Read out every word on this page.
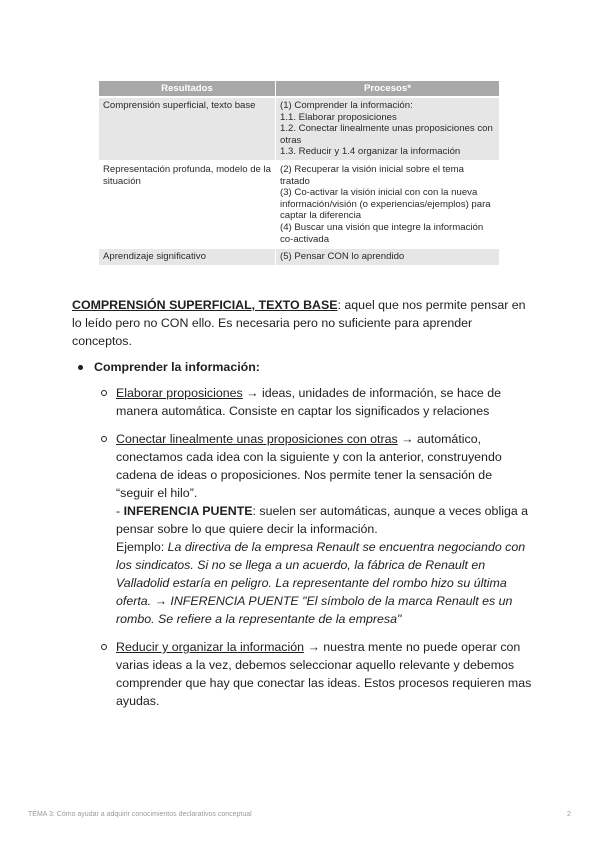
Resultados	Procesos*
Comprensión superficial, texto base	(1) Comprender la información:
1.1. Elaborar proposiciones
1.2. Conectar linealmente unas proposiciones con otras
1.3. Reducir y 1.4 organizar la información

Representación profunda, modelo de la situación	(2) Recuperar la visión inicial sobre el tema tratado
(3) Co-activar la visión inicial con con la nueva información/visión (o experiencias/ejemplos) para captar la diferencia
(4) Buscar una visión que integre la información co-activada

Aprendizaje significativo	(5) Pensar CON lo aprendido

COMPRENSIÓN SUPERFICIAL, TEXTO BASE: aquel que nos permite pensar en lo leído pero no CON ello. Es necesaria pero no suficiente para aprender conceptos.

Comprender la información:
Elaborar proposiciones → ideas, unidades de información, se hace de manera automática. Consiste en captar los significados y relaciones
Conectar linealmente unas proposiciones con otras → automático, conectamos cada idea con la siguiente y con la anterior, construyendo cadena de ideas o proposiciones. Nos permite tener la sensación de “seguir el hilo”.
- INFERENCIA PUENTE: suelen ser automáticas, aunque a veces obliga a pensar sobre lo que quiere decir la información.

Ejemplo: La directiva de la empresa Renault se encuentra negociando con los sindicatos. Si no se llega a un acuerdo, la fábrica de Renault en Valladolid estaría en peligro. La representante del rombo hizo su última oferta. → INFERENCIA PUENTE "El símbolo de la marca Renault es un rombo. Se refiere a la representante de la empresa"

Reducir y organizar la información → nuestra mente no puede operar con varias ideas a la vez, debemos seleccionar aquello relevante y debemos comprender que hay que conectar las ideas. Estos procesos requieren mas ayudas.
TEMA 3: Cómo ayudar a adquirir conocimientos declarativos conceptual	2
